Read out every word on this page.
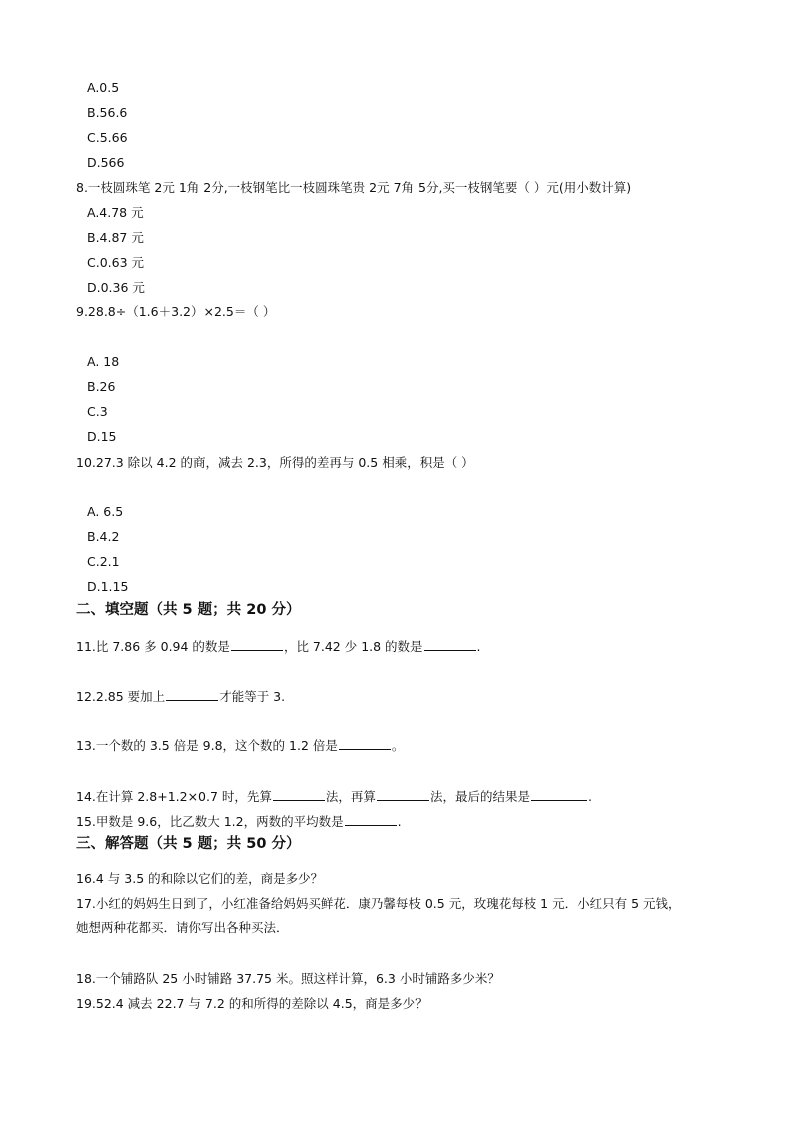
A.0.5
B.56.6
C.5.66
D.566
8.一枝圆珠笔 2元 1角 2分,一枝钢笔比一枝圆珠笔贵 2元 7角 5分,买一枝钢笔要（ ）元(用小数计算)
A.4.78 元
B.4.87 元
C.0.63 元
D.0.36 元
9.28.8÷（1.6＋3.2）×2.5＝（ ）
A. 18
B.26
C.3
D.15
10.27.3 除以 4.2 的商，减去 2.3，所得的差再与 0.5 相乘，积是（ ）
A. 6.5
B.4.2
C.2.1
D.1.15
二、填空题（共 5 题；共 20 分）
11.比 7.86 多 0.94 的数是	，比 7.42 少 1.8 的数是	.
12.2.85 要加上	才能等于 3.
13.一个数的 3.5 倍是 9.8，这个数的 1.2 倍是	。
14.在计算 2.8+1.2×0.7 时，先算	法，再算	法，最后的结果是	.
15.甲数是 9.6，比乙数大 1.2，两数的平均数是	.
三、解答题（共 5 题；共 50 分）
16.4 与 3.5 的和除以它们的差，商是多少？
17.小红的妈妈生日到了，小红准备给妈妈买鲜花．康乃馨每枝 0.5 元，玫瑰花每枝 1 元．小红只有 5 元钱，
她想两种花都买．请你写出各种买法．
18.一个铺路队 25 小时铺路 37.75 米。照这样计算，6.3 小时铺路多少米？
19.52.4 减去 22.7 与 7.2 的和所得的差除以 4.5，商是多少？
